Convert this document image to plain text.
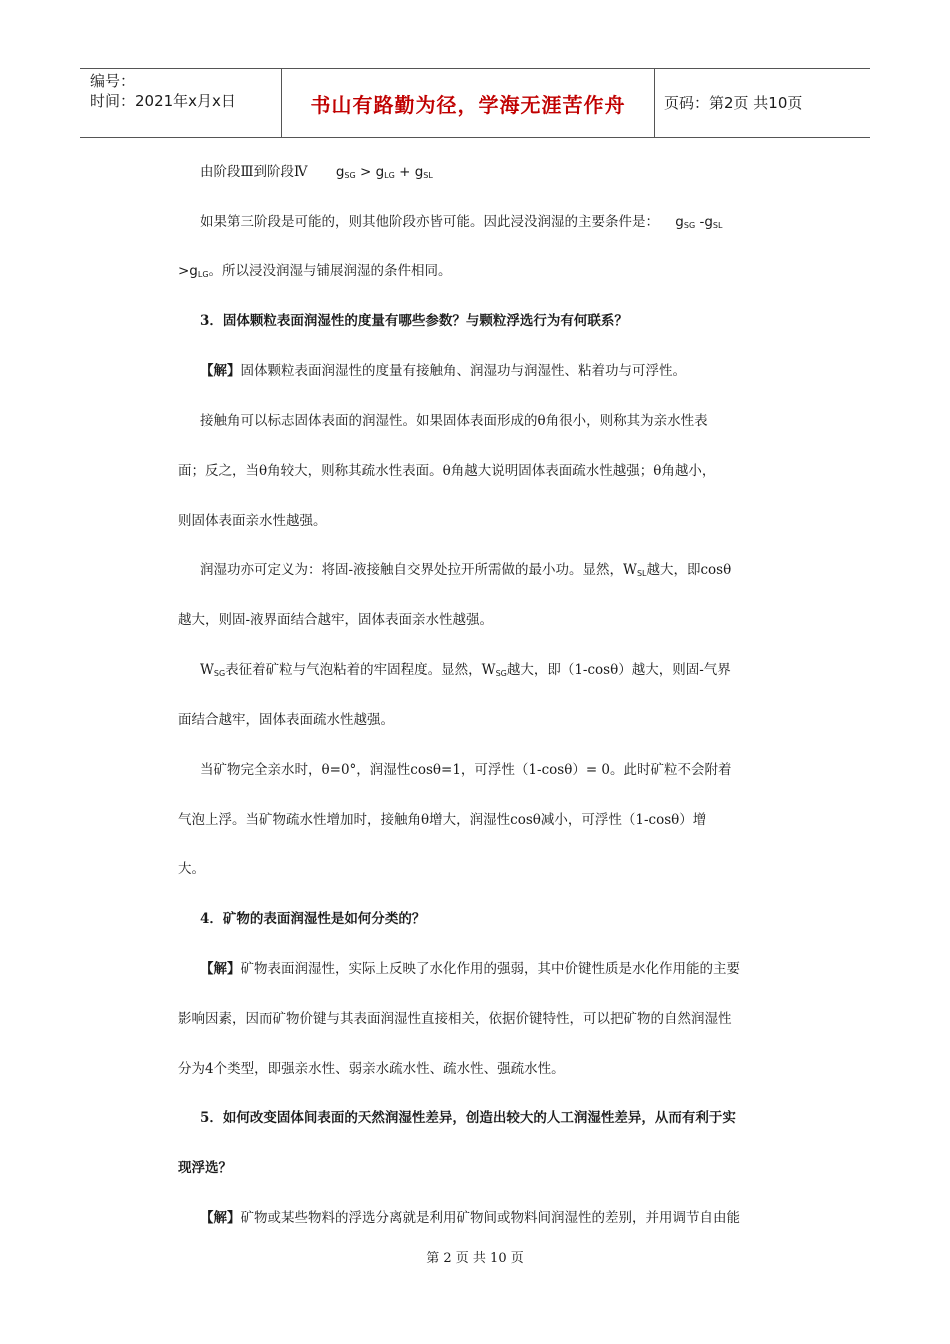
编号：
时间：2021年x月x日	书山有路勤为径，学海无涯苦作舟	页码：第2页 共10页
由阶段Ⅲ到阶段Ⅳ $g_{SG} > g_{LG} + g_{SL}$
如果第三阶段是可能的，则其他阶段亦皆可能。因此浸没润湿的主要条件是： $g_{SG}$ $-g_{SL}$
$>g_{LG}$。所以浸没润湿与铺展润湿的条件相同。
3．固体颗粒表面润湿性的度量有哪些参数？与颗粒浮选行为有何联系？
【解】固体颗粒表面润湿性的度量有接触角、润湿功与润湿性、粘着功与可浮性。
接触角可以标志固体表面的润湿性。如果固体表面形成的θ角很小，则称其为亲水性表
面；反之，当θ角较大，则称其疏水性表面。θ角越大说明固体表面疏水性越强；θ角越小，
则固体表面亲水性越强。
润湿功亦可定义为：将固-液接触自交界处拉开所需做的最小功。显然，$W_{SL}$越大，即cosθ
越大，则固-液界面结合越牢，固体表面亲水性越强。
$W_{SG}$表征着矿粒与气泡粘着的牢固程度。显然，$W_{SG}$越大，即（1-cosθ）越大，则固-气界
面结合越牢，固体表面疏水性越强。
当矿物完全亲水时，θ=0°，润湿性cosθ=1，可浮性（1-cosθ）= 0。此时矿粒不会附着
气泡上浮。当矿物疏水性增加时，接触角θ增大，润湿性cosθ减小，可浮性（1-cosθ）增
大。
4．矿物的表面润湿性是如何分类的？
【解】矿物表面润湿性，实际上反映了水化作用的强弱，其中价键性质是水化作用能的主要
影响因素，因而矿物价键与其表面润湿性直接相关，依据价键特性，可以把矿物的自然润湿性
分为4个类型，即强亲水性、弱亲水疏水性、疏水性、强疏水性。
5．如何改变固体间表面的天然润湿性差异，创造出较大的人工润湿性差异，从而有利于实
现浮选？
【解】矿物或某些物料的浮选分离就是利用矿物间或物料间润湿性的差别，并用调节自由能
第 2 页 共 10 页
